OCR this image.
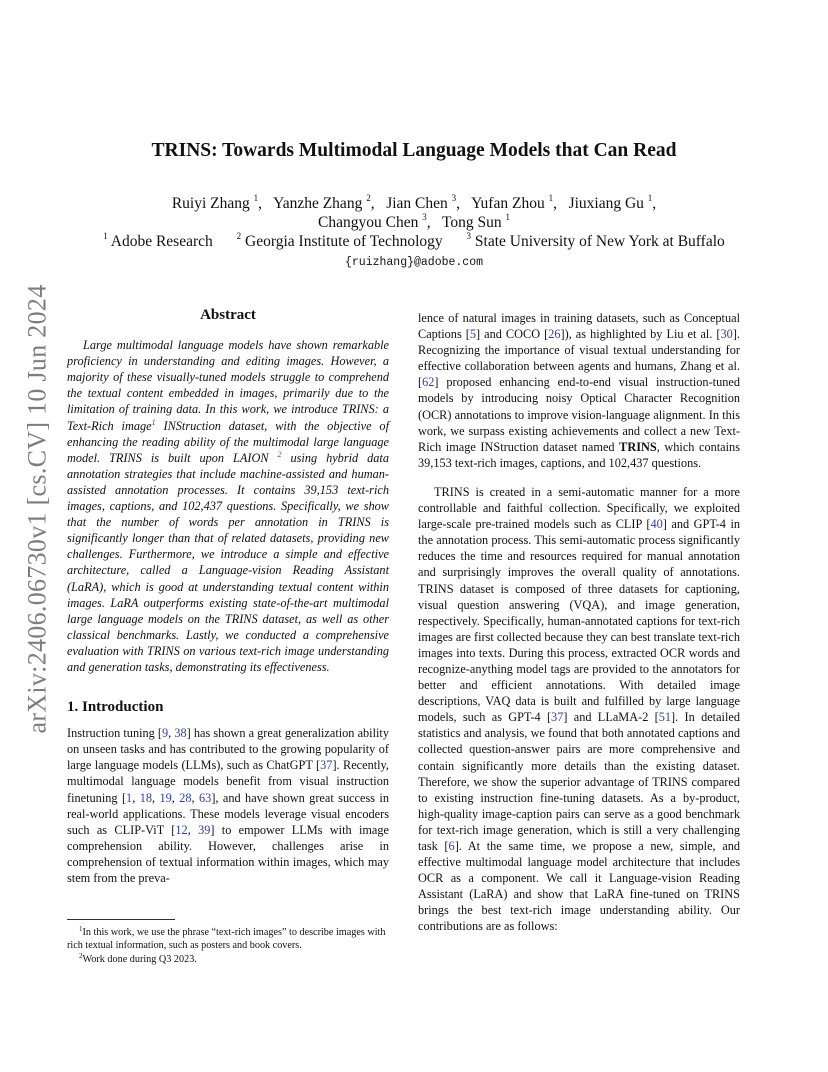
arXiv:2406.06730v1 [cs.CV] 10 Jun 2024
TRINS: Towards Multimodal Language Models that Can Read
Ruiyi Zhang $^1$,   Yanzhe Zhang $^2$,   Jian Chen $^3$,   Yufan Zhou $^1$,   Jiuxiang Gu $^1$,
Changyou Chen $^3$,   Tong Sun $^1$
$^1$ Adobe Research	$^2$ Georgia Institute of Technology	$^3$ State University of New York at Buffalo
{ruizhang}@adobe.com
Abstract

Large multimodal language models have shown remarkable proficiency in understanding and editing images. However, a majority of these visually-tuned models struggle to comprehend the textual content embedded in images, primarily due to the limitation of training data. In this work, we introduce TRINS: a Text-Rich image$^1$ INStruction dataset, with the objective of enhancing the reading ability of the multimodal large language model. TRINS is built upon LAION $^2$ using hybrid data annotation strategies that include machine-assisted and human-assisted annotation processes. It contains 39,153 text-rich images, captions, and 102,437 questions. Specifically, we show that the number of words per annotation in TRINS is significantly longer than that of related datasets, providing new challenges. Furthermore, we introduce a simple and effective architecture, called a Language-vision Reading Assistant (LaRA), which is good at understanding textual content within images. LaRA outperforms existing state-of-the-art multimodal large language models on the TRINS dataset, as well as other classical benchmarks. Lastly, we conducted a comprehensive evaluation with TRINS on various text-rich image understanding and generation tasks, demonstrating its effectiveness.

1. Introduction

Instruction tuning [9, 38] has shown a great generalization ability on unseen tasks and has contributed to the growing popularity of large language models (LLMs), such as ChatGPT [37]. Recently, multimodal language models benefit from visual instruction finetuning [1, 18, 19, 28, 63], and have shown great success in real-world applications. These models leverage visual encoders such as CLIP-ViT [12, 39] to empower LLMs with image comprehension ability. However, challenges arise in comprehension of textual information within images, which may stem from the preva-

$^1$In this work, we use the phrase “text-rich images” to describe images with rich textual information, such as posters and book covers.

$^2$Work done during Q3 2023.

lence of natural images in training datasets, such as Conceptual Captions [5] and COCO [26]), as highlighted by Liu et al. [30]. Recognizing the importance of visual textual understanding for effective collaboration between agents and humans, Zhang et al. [62] proposed enhancing end-to-end visual instruction-tuned models by introducing noisy Optical Character Recognition (OCR) annotations to improve vision-language alignment. In this work, we surpass existing achievements and collect a new Text-Rich image INStruction dataset named TRINS, which contains 39,153 text-rich images, captions, and 102,437 questions.

TRINS is created in a semi-automatic manner for a more controllable and faithful collection. Specifically, we exploited large-scale pre-trained models such as CLIP [40] and GPT-4 in the annotation process. This semi-automatic process significantly reduces the time and resources required for manual annotation and surprisingly improves the overall quality of annotations. TRINS dataset is composed of three datasets for captioning, visual question answering (VQA), and image generation, respectively. Specifically, human-annotated captions for text-rich images are first collected because they can best translate text-rich images into texts. During this process, extracted OCR words and recognize-anything model tags are provided to the annotators for better and efficient annotations. With detailed image descriptions, VAQ data is built and fulfilled by large language models, such as GPT-4 [37] and LLaMA-2 [51]. In detailed statistics and analysis, we found that both annotated captions and collected question-answer pairs are more comprehensive and contain significantly more details than the existing dataset. Therefore, we show the superior advantage of TRINS compared to existing instruction fine-tuning datasets. As a by-product, high-quality image-caption pairs can serve as a good benchmark for text-rich image generation, which is still a very challenging task [6]. At the same time, we propose a new, simple, and effective multimodal language model architecture that includes OCR as a component. We call it Language-vision Reading Assistant (LaRA) and show that LaRA fine-tuned on TRINS brings the best text-rich image understanding ability. Our contributions are as follows:
